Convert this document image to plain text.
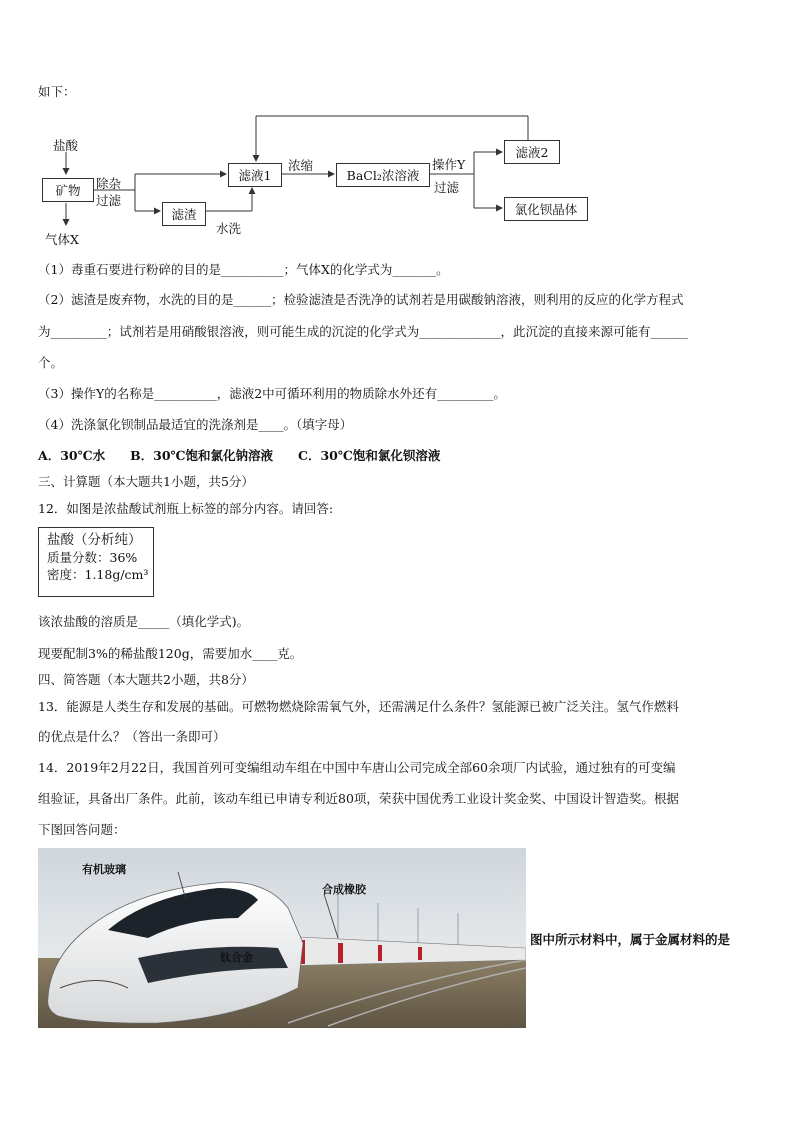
如下：
盐酸
矿物
气体X
除杂
过滤
滤液1
滤渣
水洗
浓缩
BaCl₂浓溶液
操作Y
过滤
滤液2
氯化钡晶体
（1）毒重石要进行粉碎的目的是__________；气体X的化学式为_______。
（2）滤渣是废弃物，水洗的目的是______；检验滤渣是否洗净的试剂若是用碳酸钠溶液，则利用的反应的化学方程式
为_________；试剂若是用硝酸银溶液，则可能生成的沉淀的化学式为_____________，此沉淀的直接来源可能有______
个。
（3）操作Y的名称是__________，滤液2中可循环利用的物质除水外还有_________。
（4）洗涤氯化钡制品最适宜的洗涤剂是____。（填字母）
A．30℃水　　B．30℃饱和氯化钠溶液　　C．30℃饱和氯化钡溶液
三、计算题（本大题共1小题，共5分）
12．如图是浓盐酸试剂瓶上标签的部分内容。请回答:
盐酸（分析纯）
质量分数：36%
密度：1.18g/cm³
该浓盐酸的溶质是_____（填化学式)。
现要配制3%的稀盐酸120g，需要加水____克。
四、简答题（本大题共2小题，共8分）
13．能源是人类生存和发展的基础。可燃物燃烧除需氧气外，还需满足什么条件？氢能源已被广泛关注。氢气作燃料
的优点是什么？（答出一条即可）
14．2019年2月22日，我国首列可变编组动车组在中国中车唐山公司完成全部60余项厂内试验，通过独有的可变编
组验证，具备出厂条件。此前，该动车组已申请专利近80项，荣获中国优秀工业设计奖金奖、中国设计智造奖。根据
下图回答问题：
有机玻璃
合成橡胶
钛合金
图中所示材料中，属于金属材料的是
